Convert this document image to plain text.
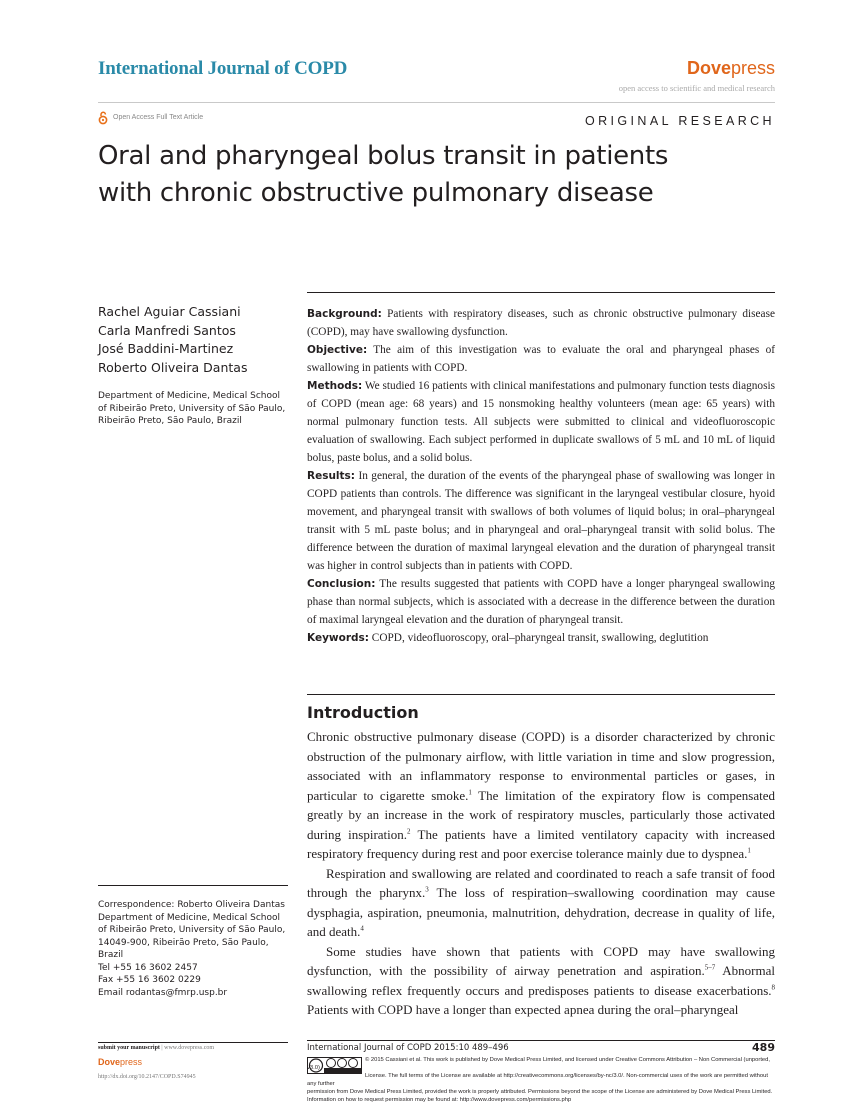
International Journal of COPD	Dovepress
open access to scientific and medical research
Open Access Full Text Article	ORIGINAL RESEARCH
Oral and pharyngeal bolus transit in patients
with chronic obstructive pulmonary disease
Rachel Aguiar Cassiani
Carla Manfredi Santos
José Baddini-Martinez
Roberto Oliveira Dantas
Department of Medicine, Medical School of Ribeirão Preto, University of São Paulo, Ribeirão Preto, São Paulo, Brazil

Background: Patients with respiratory diseases, such as chronic obstructive pulmonary disease (COPD), may have swallowing dysfunction.

Objective: The aim of this investigation was to evaluate the oral and pharyngeal phases of swallowing in patients with COPD.

Methods: We studied 16 patients with clinical manifestations and pulmonary function tests diagnosis of COPD (mean age: 68 years) and 15 nonsmoking healthy volunteers (mean age: 65 years) with normal pulmonary function tests. All subjects were submitted to clinical and videofluoroscopic evaluation of swallowing. Each subject performed in duplicate swallows of 5 mL and 10 mL of liquid bolus, paste bolus, and a solid bolus.

Results: In general, the duration of the events of the pharyngeal phase of swallowing was longer in COPD patients than controls. The difference was significant in the laryngeal vestibular closure, hyoid movement, and pharyngeal transit with swallows of both volumes of liquid bolus; in oral–pharyngeal transit with 5 mL paste bolus; and in pharyngeal and oral–pharyngeal transit with solid bolus. The difference between the duration of maximal laryngeal elevation and the duration of pharyngeal transit was higher in control subjects than in patients with COPD.

Conclusion: The results suggested that patients with COPD have a longer pharyngeal swallowing phase than normal subjects, which is associated with a decrease in the difference between the duration of maximal laryngeal elevation and the duration of pharyngeal transit.

Keywords: COPD, videofluoroscopy, oral–pharyngeal transit, swallowing, deglutition

Introduction

Chronic obstructive pulmonary disease (COPD) is a disorder characterized by chronic obstruction of the pulmonary airflow, with little variation in time and slow progression, associated with an inflammatory response to environmental particles or gases, in particular to cigarette smoke.$^1$ The limitation of the expiratory flow is compensated greatly by an increase in the work of respiratory muscles, particularly those activated during inspiration.$^2$ The patients have a limited ventilatory capacity with increased respiratory frequency during rest and poor exercise tolerance mainly due to dyspnea.$^1$

Respiration and swallowing are related and coordinated to reach a safe transit of food through the pharynx.$^3$ The loss of respiration–swallowing coordination may cause dysphagia, aspiration, pneumonia, malnutrition, dehydration, decrease in quality of life, and death.$^4$

Some studies have shown that patients with COPD may have swallowing dysfunction, with the possibility of airway penetration and aspiration.$^{5-7}$ Abnormal swallowing reflex frequently occurs and predisposes patients to disease exacerbations.$^8$ Patients with COPD have a longer than expected apnea during the oral–pharyngeal

Correspondence: Roberto Oliveira Dantas
Department of Medicine, Medical School of Ribeirão Preto, University of São Paulo, 14049-900, Ribeirão Preto, São Paulo, Brazil
Tel +55 16 3602 2457
Fax +55 16 3602 0229
Email rodantas@fmrp.usp.br
submit your manuscript | www.dovepress.com
Dovepress
http://dx.doi.org/10.2147/COPD.S74945
International Journal of COPD 2015:10 489–496	489
© 2015 Cassiani et al. This work is published by Dove Medical Press Limited, and licensed under Creative Commons Attribution – Non Commercial (unported, v3.0)
License. The full terms of the License are available at http://creativecommons.org/licenses/by-nc/3.0/. Non-commercial uses of the work are permitted without any further
permission from Dove Medical Press Limited, provided the work is properly attributed. Permissions beyond the scope of the License are administered by Dove Medical Press Limited. Information on how to request permission may be found at: http://www.dovepress.com/permissions.php
